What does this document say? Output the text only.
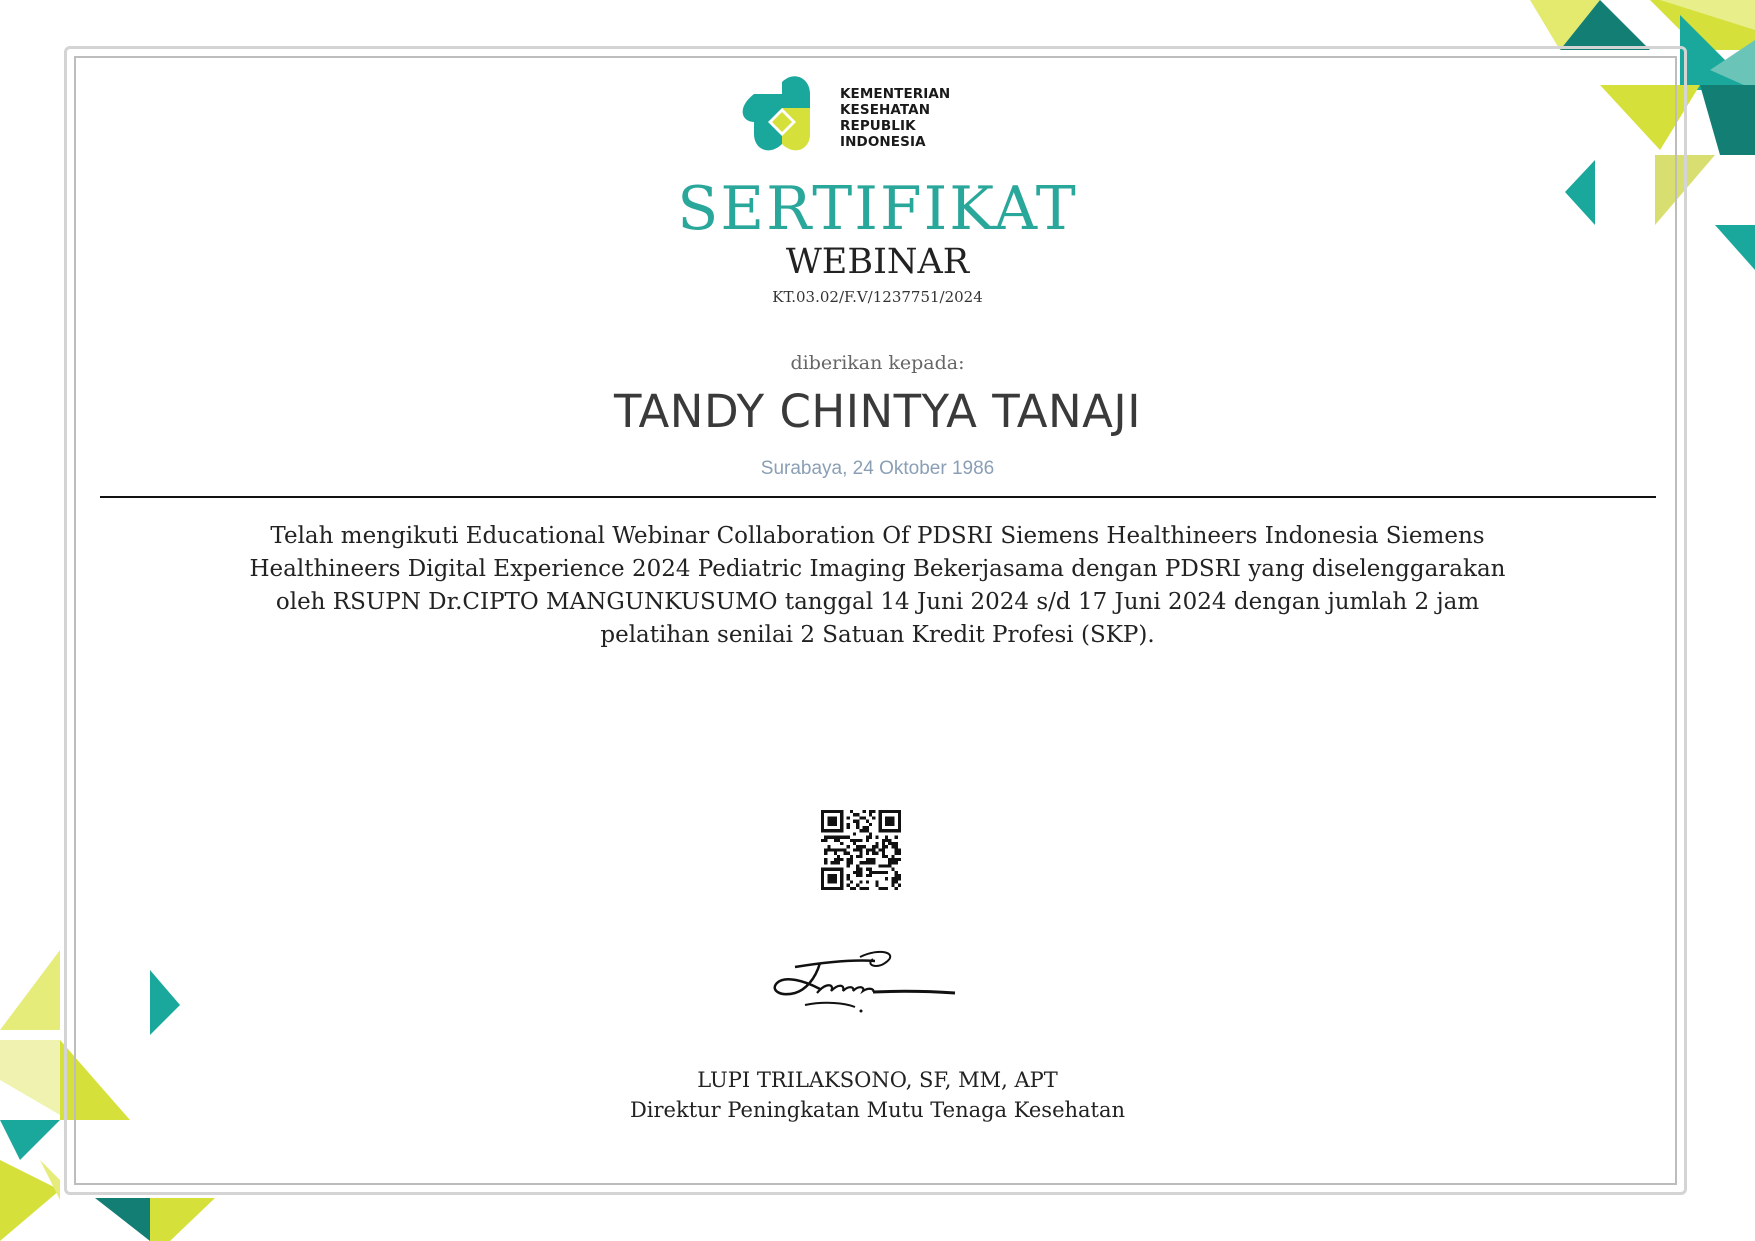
KEMENTERIAN
KESEHATAN
REPUBLIK
INDONESIA
SERTIFIKAT
WEBINAR
KT.03.02/F.V/1237751/2024
diberikan kepada:
TANDY CHINTYA TANAJI
Surabaya, 24 Oktober 1986
Telah mengikuti Educational Webinar Collaboration Of PDSRI Siemens Healthineers Indonesia Siemens
Healthineers Digital Experience 2024 Pediatric Imaging Bekerjasama dengan PDSRI yang diselenggarakan
oleh RSUPN Dr.CIPTO MANGUNKUSUMO tanggal 14 Juni 2024 s/d 17 Juni 2024 dengan jumlah 2 jam
pelatihan senilai 2 Satuan Kredit Profesi (SKP).
LUPI TRILAKSONO, SF, MM, APT
Direktur Peningkatan Mutu Tenaga Kesehatan
